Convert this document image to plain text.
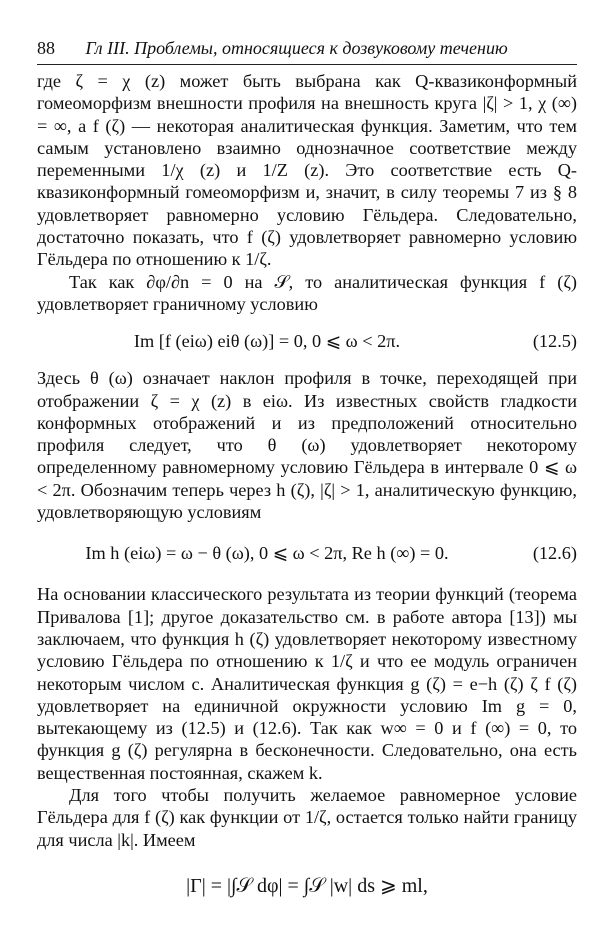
88 Гл III. Проблемы, относящиеся к дозвуковому течению

где ζ = χ (z) может быть выбрана как Q-квазиконформный гомеоморфизм внешности профиля на внешность круга |ζ| > 1, χ (∞) = ∞, а f (ζ) — некоторая аналитическая функция. Заметим, что тем самым установлено взаимно однозначное соответствие между переменными 1/χ (z) и 1/Z (z). Это соответствие есть Q-квазиконформный гомеоморфизм и, значит, в силу теоремы 7 из § 8 удовлетворяет равномерно условию Гёльдера. Следовательно, достаточно показать, что f (ζ) удовлетворяет равномерно условию Гёльдера по отношению к 1/ζ.

Так как ∂φ/∂n = 0 на 𝒮, то аналитическая функция f (ζ) удовлетворяет граничному условию

Im [f (eiω) eiθ (ω)] = 0, 0 ⩽ ω < 2π.	(12.5)

Здесь θ (ω) означает наклон профиля в точке, переходящей при отображении ζ = χ (z) в eiω. Из известных свойств гладкости конформных отображений и из предположений относительно профиля следует, что θ (ω) удовлетворяет некоторому определенному равномерному условию Гёльдера в интервале 0 ⩽ ω < 2π. Обозначим теперь через h (ζ), |ζ| > 1, аналитическую функцию, удовлетворяющую условиям

Im h (eiω) = ω − θ (ω), 0 ⩽ ω < 2π, Re h (∞) = 0.	(12.6)

На основании классического результата из теории функций (теорема Привалова [1]; другое доказательство см. в работе автора [13]) мы заключаем, что функция h (ζ) удовлетворяет некоторому известному условию Гёльдера по отношению к 1/ζ и что ее модуль ограничен некоторым числом c. Аналитическая функция g (ζ) = e−h (ζ) ζ f (ζ) удовлетворяет на единичной окружности условию Im g = 0, вытекающему из (12.5) и (12.6). Так как w∞ = 0 и f (∞) = 0, то функция g (ζ) регулярна в бесконечности. Следовательно, она есть вещественная постоянная, скажем k.

Для того чтобы получить желаемое равномерное условие Гёльдера для f (ζ) как функции от 1/ζ, остается только найти границу для числа |k|. Имеем

|Γ| = |∫𝒮 dφ| = ∫𝒮 |w| ds ⩾ ml,
